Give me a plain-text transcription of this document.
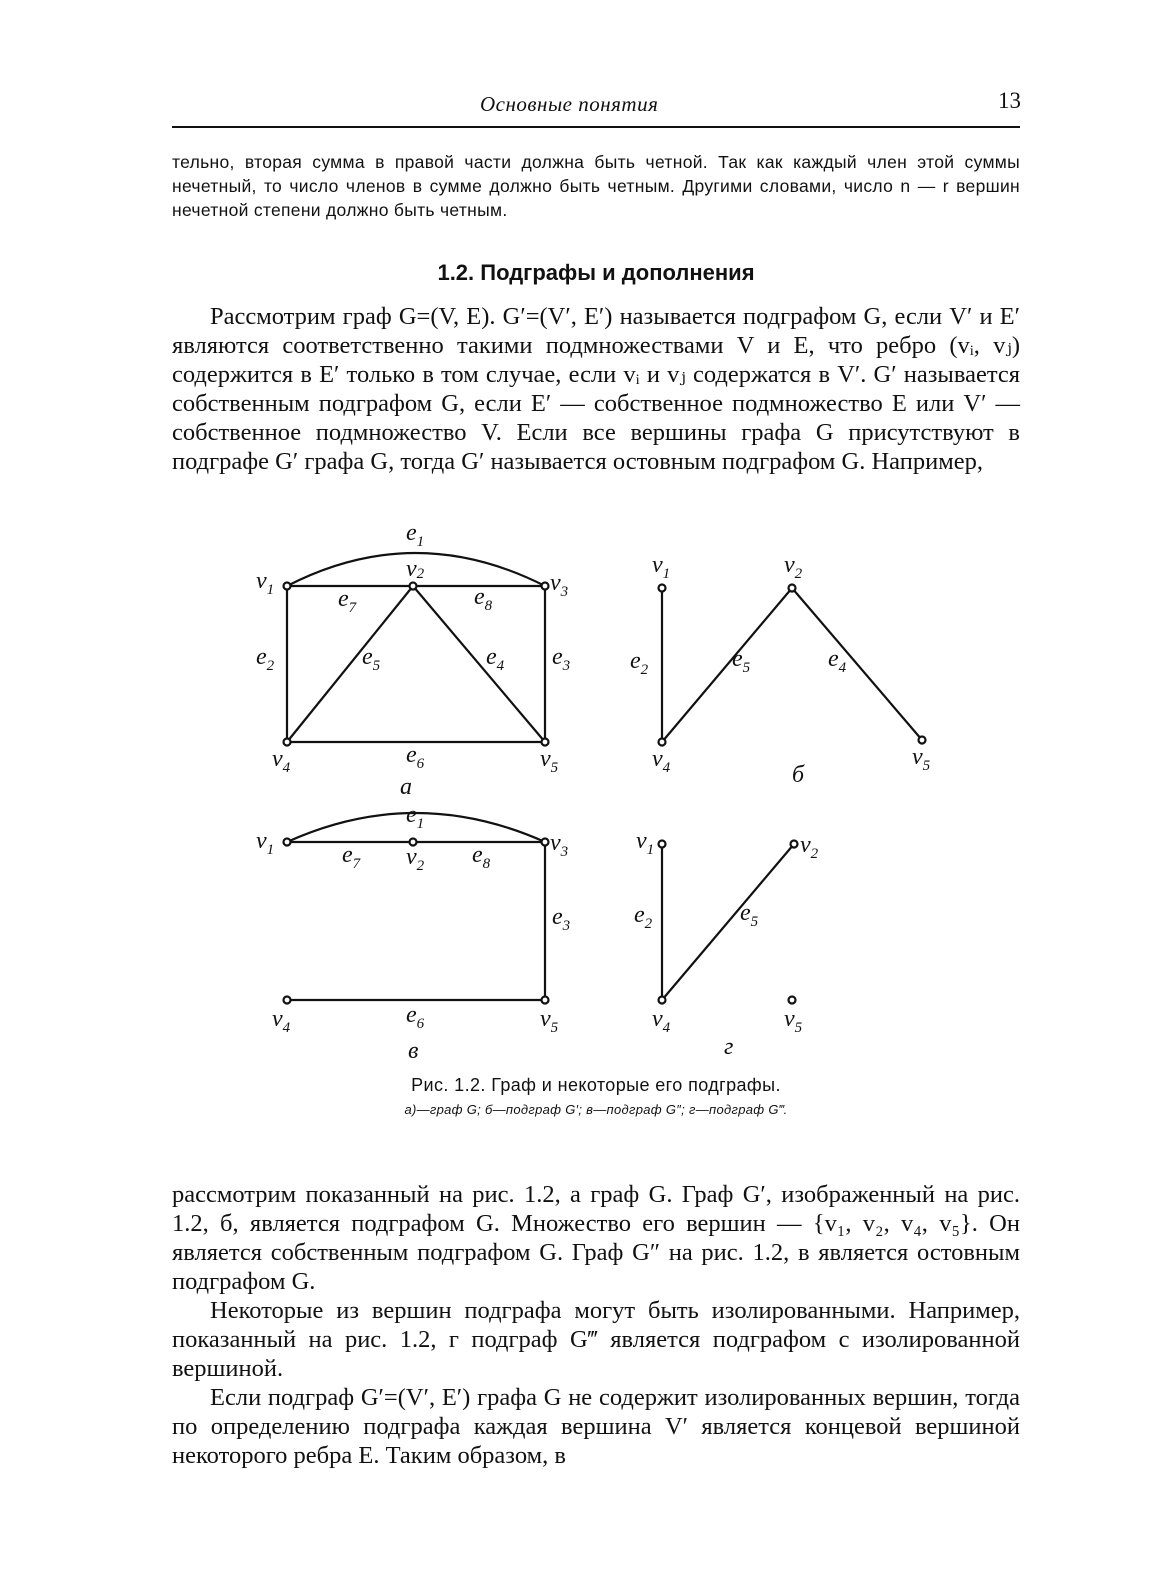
Основные понятия	13
тельно, вторая сумма в правой части должна быть четной. Так как каждый член этой суммы нечетный, то число членов в сумме должно быть четным. Другими словами, число n — r вершин нечетной степени должно быть четным.
1.2. Подграфы и дополнения

Рассмотрим граф G=(V, E). G′=(V′, E′) называется подграфом G, если V′ и E′ являются соответственно такими подмножествами V и E, что ребро (vᵢ, vⱼ) содержится в E′ только в том случае, если vᵢ и vⱼ содержатся в V′. G′ называется собственным подграфом G, если E′ — собственное подмножество E или V′ — собственное подмножество V. Если все вершины графа G присутствуют в подграфе G′ графа G, тогда G′ называется остовным подграфом G. Например,

$e_1$
$v_1$
v2	$v_3$
$e_7$	$e_8$
$e_2$	$e_5$	$e_4$ $e_3$
$v_4$	$e_6$	$v_5$
а
$v_1$	$v_2$
$e_2$	$e_5$	$e_4$
$v_4$	$v_5$
б
$e_1$
$v_1$	$v_3$
$e_7$ $v_2$ $e_8$
$e_3$
$v_4$	$e_6$	$v_5$
в
$v_1$	$v_2$
$e_2$	$e_5$
$v_4$	$v_5$
г
Рис. 1.2. Граф и некоторые его подграфы.
а)—граф G; б—подграф G′; в—подграф G″; г—подграф G‴.

рассмотрим показанный на рис. 1.2, а граф G. Граф G′, изображенный на рис. 1.2, б, является подграфом G. Множество его вершин — {v₁, v₂, v₄, v₅}. Он является собственным подграфом G. Граф G″ на рис. 1.2, в является остовным подграфом G.

Некоторые из вершин подграфа могут быть изолированными. Например, показанный на рис. 1.2, г подграф G‴ является подграфом с изолированной вершиной.

Если подграф G′=(V′, E′) графа G не содержит изолированных вершин, тогда по определению подграфа каждая вершина V′ является концевой вершиной некоторого ребра E. Таким образом, в
